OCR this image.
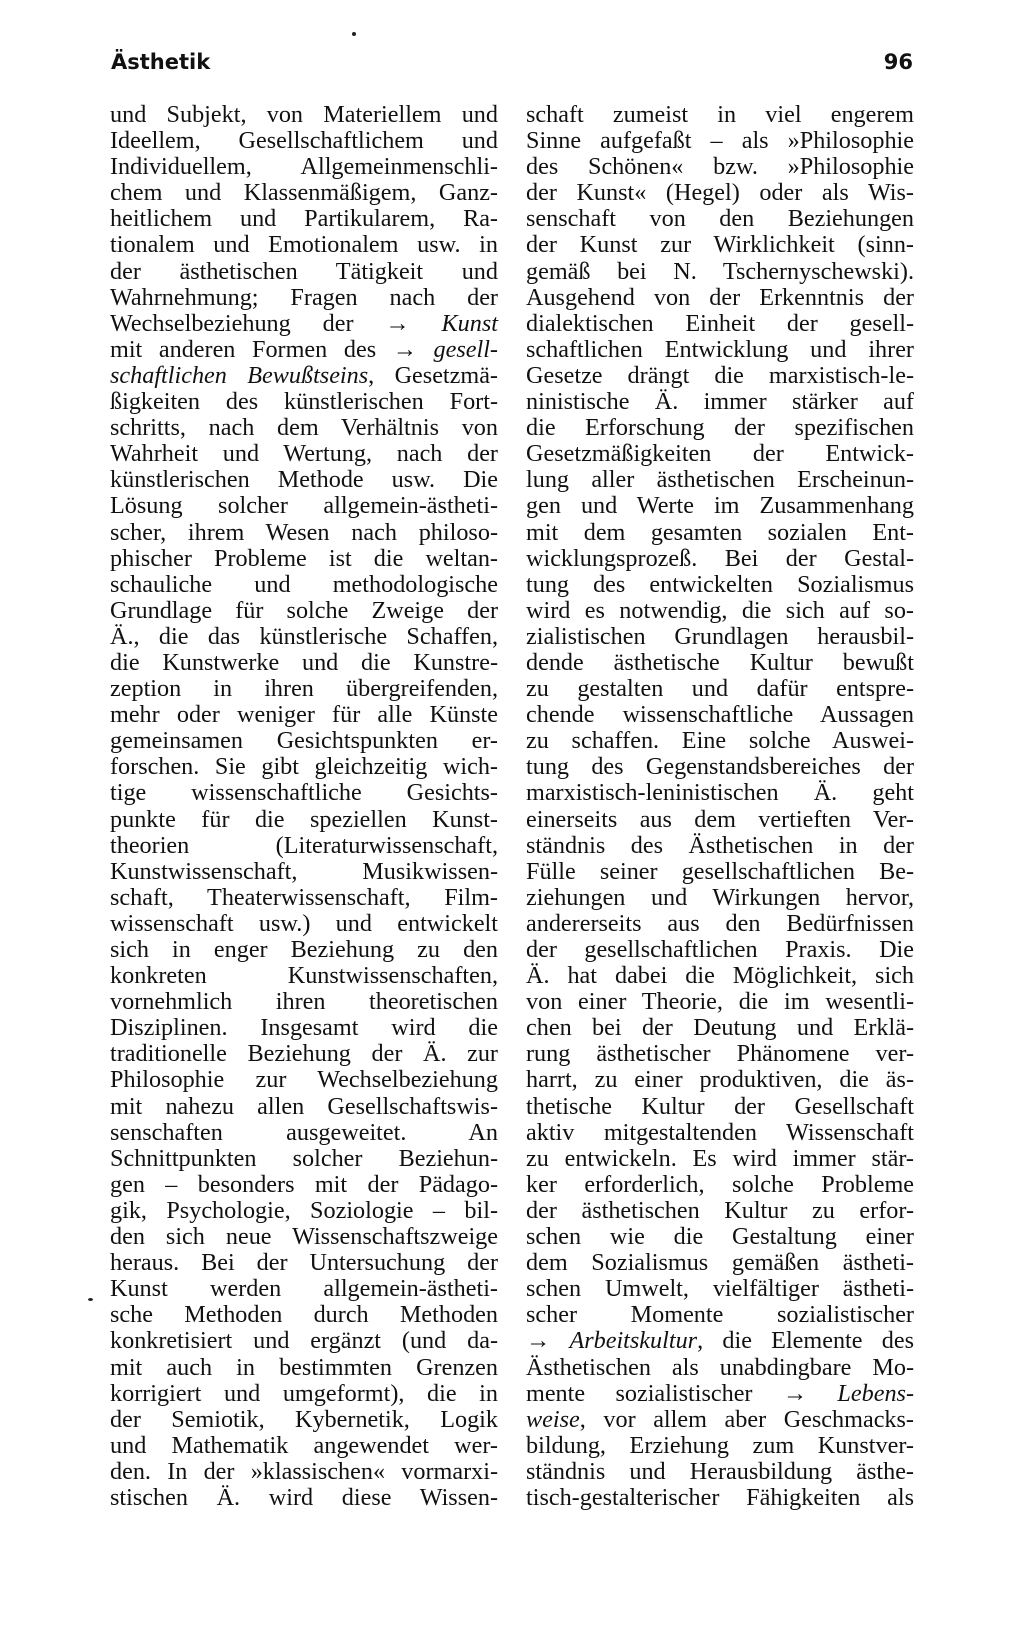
Ästhetik	96
und Subjekt, von Materiellem und
Ideellem, Gesellschaftlichem und
Individuellem, Allgemeinmenschli-
chem und Klassenmäßigem, Ganz-
heitlichem und Partikularem, Ra-
tionalem und Emotionalem usw. in
der ästhetischen Tätigkeit und
Wahrnehmung; Fragen nach der
Wechselbeziehung der → Kunst
mit anderen Formen des → gesell-
schaftlichen Bewußtseins, Gesetzmä-
ßigkeiten des künstlerischen Fort-
schritts, nach dem Verhältnis von
Wahrheit und Wertung, nach der
künstlerischen Methode usw. Die
Lösung solcher allgemein-ästheti-
scher, ihrem Wesen nach philoso-
phischer Probleme ist die weltan-
schauliche und methodologische
Grundlage für solche Zweige der
Ä., die das künstlerische Schaffen,
die Kunstwerke und die Kunstre-
zeption in ihren übergreifenden,
mehr oder weniger für alle Künste
gemeinsamen Gesichtspunkten er-
forschen. Sie gibt gleichzeitig wich-
tige wissenschaftliche Gesichts-
punkte für die speziellen Kunst-
theorien (Literaturwissenschaft,
Kunstwissenschaft, Musikwissen-
schaft, Theaterwissenschaft, Film-
wissenschaft usw.) und entwickelt
sich in enger Beziehung zu den
konkreten Kunstwissenschaften,
vornehmlich ihren theoretischen
Disziplinen. Insgesamt wird die
traditionelle Beziehung der Ä. zur
Philosophie zur Wechselbeziehung
mit nahezu allen Gesellschaftswis-
senschaften ausgeweitet. An
Schnittpunkten solcher Beziehun-
gen – besonders mit der Pädago-
gik, Psychologie, Soziologie – bil-
den sich neue Wissenschaftszweige
heraus. Bei der Untersuchung der
Kunst werden allgemein-ästheti-
sche Methoden durch Methoden
konkretisiert und ergänzt (und da-
mit auch in bestimmten Grenzen
korrigiert und umgeformt), die in
der Semiotik, Kybernetik, Logik
und Mathematik angewendet wer-
den. In der »klassischen« vormarxi-
stischen Ä. wird diese Wissen-
schaft zumeist in viel engerem
Sinne aufgefaßt – als »Philosophie
des Schönen« bzw. »Philosophie
der Kunst« (Hegel) oder als Wis-
senschaft von den Beziehungen
der Kunst zur Wirklichkeit (sinn-
gemäß bei N. Tschernyschewski).
Ausgehend von der Erkenntnis der
dialektischen Einheit der gesell-
schaftlichen Entwicklung und ihrer
Gesetze drängt die marxistisch-le-
ninistische Ä. immer stärker auf
die Erforschung der spezifischen
Gesetzmäßigkeiten der Entwick-
lung aller ästhetischen Erscheinun-
gen und Werte im Zusammenhang
mit dem gesamten sozialen Ent-
wicklungsprozeß. Bei der Gestal-
tung des entwickelten Sozialismus
wird es notwendig, die sich auf so-
zialistischen Grundlagen herausbil-
dende ästhetische Kultur bewußt
zu gestalten und dafür entspre-
chende wissenschaftliche Aussagen
zu schaffen. Eine solche Auswei-
tung des Gegenstandsbereiches der
marxistisch-leninistischen Ä. geht
einerseits aus dem vertieften Ver-
ständnis des Ästhetischen in der
Fülle seiner gesellschaftlichen Be-
ziehungen und Wirkungen hervor,
andererseits aus den Bedürfnissen
der gesellschaftlichen Praxis. Die
Ä. hat dabei die Möglichkeit, sich
von einer Theorie, die im wesentli-
chen bei der Deutung und Erklä-
rung ästhetischer Phänomene ver-
harrt, zu einer produktiven, die äs-
thetische Kultur der Gesellschaft
aktiv mitgestaltenden Wissenschaft
zu entwickeln. Es wird immer stär-
ker erforderlich, solche Probleme
der ästhetischen Kultur zu erfor-
schen wie die Gestaltung einer
dem Sozialismus gemäßen ästheti-
schen Umwelt, vielfältiger ästheti-
scher Momente sozialistischer
→ Arbeitskultur, die Elemente des
Ästhetischen als unabdingbare Mo-
mente sozialistischer → Lebens-
weise, vor allem aber Geschmacks-
bildung, Erziehung zum Kunstver-
ständnis und Herausbildung ästhe-
tisch-gestalterischer Fähigkeiten als
